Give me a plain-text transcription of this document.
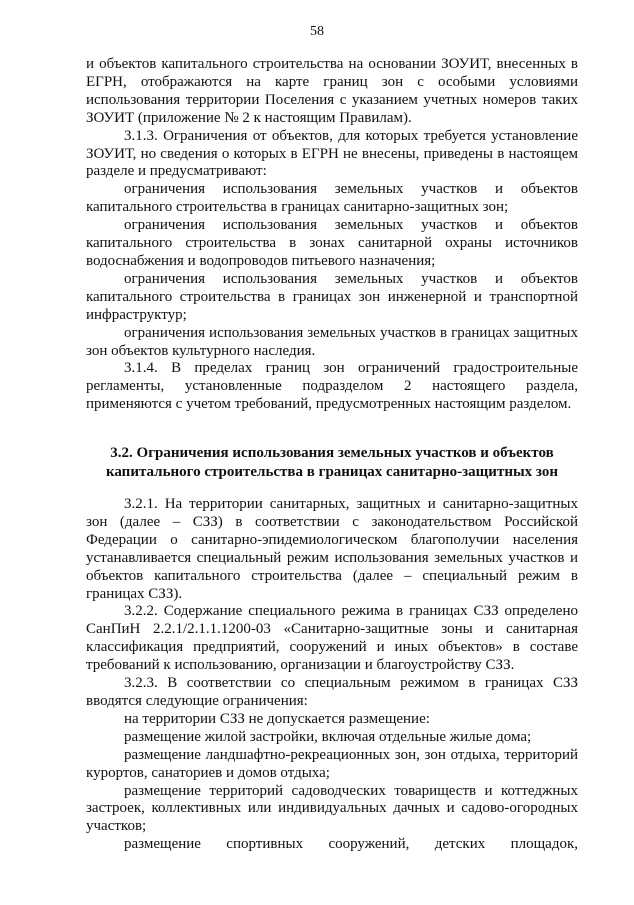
58

и объектов капитального строительства на основании ЗОУИТ, внесенных в ЕГРН, отображаются на карте границ зон с особыми условиями использования территории Поселения с указанием учетных номеров таких ЗОУИТ (приложение № 2 к настоящим Правилам).

3.1.3. Ограничения от объектов, для которых требуется установление ЗОУИТ, но сведения о которых в ЕГРН не внесены, приведены в настоящем разделе и предусматривают:

ограничения использования земельных участков и объектов капитального строительства в границах санитарно-защитных зон;

ограничения использования земельных участков и объектов капитального строительства в зонах санитарной охраны источников водоснабжения и водопроводов питьевого назначения;

ограничения использования земельных участков и объектов капитального строительства в границах зон инженерной и транспортной инфраструктур;

ограничения использования земельных участков в границах защитных зон объектов культурного наследия.

3.1.4. В пределах границ зон ограничений градостроительные регламенты, установленные подразделом 2 настоящего раздела, применяются с учетом требований, предусмотренных настоящим разделом.

3.2. Ограничения использования земельных участков и объектов
капитального строительства в границах санитарно-защитных зон

3.2.1. На территории санитарных, защитных и санитарно-защитных зон (далее – СЗЗ) в соответствии с законодательством Российской Федерации о санитарно-эпидемиологическом благополучии населения устанавливается специальный режим использования земельных участков и объектов капитального строительства (далее – специальный режим в границах СЗЗ).

3.2.2. Содержание специального режима в границах СЗЗ определено СанПиН 2.2.1/2.1.1.1200-03 «Санитарно-защитные зоны и санитарная классификация предприятий, сооружений и иных объектов» в составе требований к использованию, организации и благоустройству СЗЗ.

3.2.3. В соответствии со специальным режимом в границах СЗЗ вводятся следующие ограничения:

на территории СЗЗ не допускается размещение:

размещение жилой застройки, включая отдельные жилые дома;

размещение ландшафтно-рекреационных зон, зон отдыха, территорий курортов, санаториев и домов отдыха;

размещение территорий садоводческих товариществ и коттеджных застроек, коллективных или индивидуальных дачных и садово-огородных участков;

размещение спортивных сооружений, детских площадок,
